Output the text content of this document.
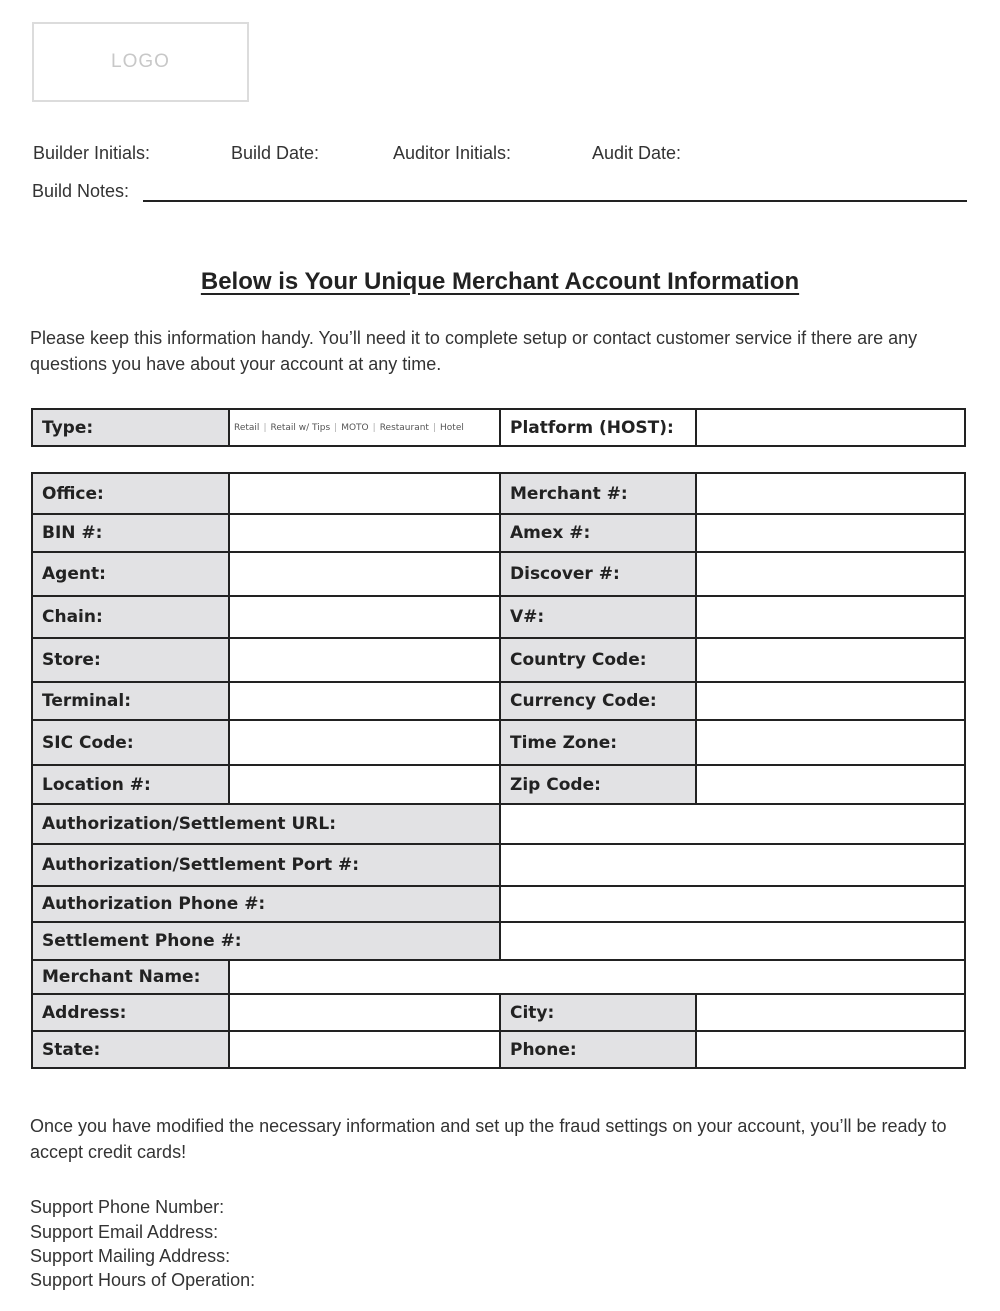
LOGO
Builder Initials:	Build Date:	Auditor Initials:	Audit Date:
Build Notes:
Below is Your Unique Merchant Account Information
Please keep this information handy. You’ll need it to complete setup or contact customer service if there are any questions you have about your account at any time.
Type:	Retail | Retail w/ Tips | MOTO | Restaurant | Hotel	Platform (HOST):	
Office:		Merchant #:	
BIN #:		Amex #:	
Agent:		Discover #:	
Chain:		V#:	
Store:		Country Code:	
Terminal:		Currency Code:	
SIC Code:		Time Zone:	
Location #:		Zip Code:	
Authorization/Settlement URL:			
Authorization/Settlement Port #:			
Authorization Phone #:			
Settlement Phone #:			
Merchant Name:			
Address:		City:	
State:		Phone:	
Once you have modified the necessary information and set up the fraud settings on your account, you’ll be ready to accept credit cards!
Support Phone Number:
Support Email Address:
Support Mailing Address:
Support Hours of Operation:
